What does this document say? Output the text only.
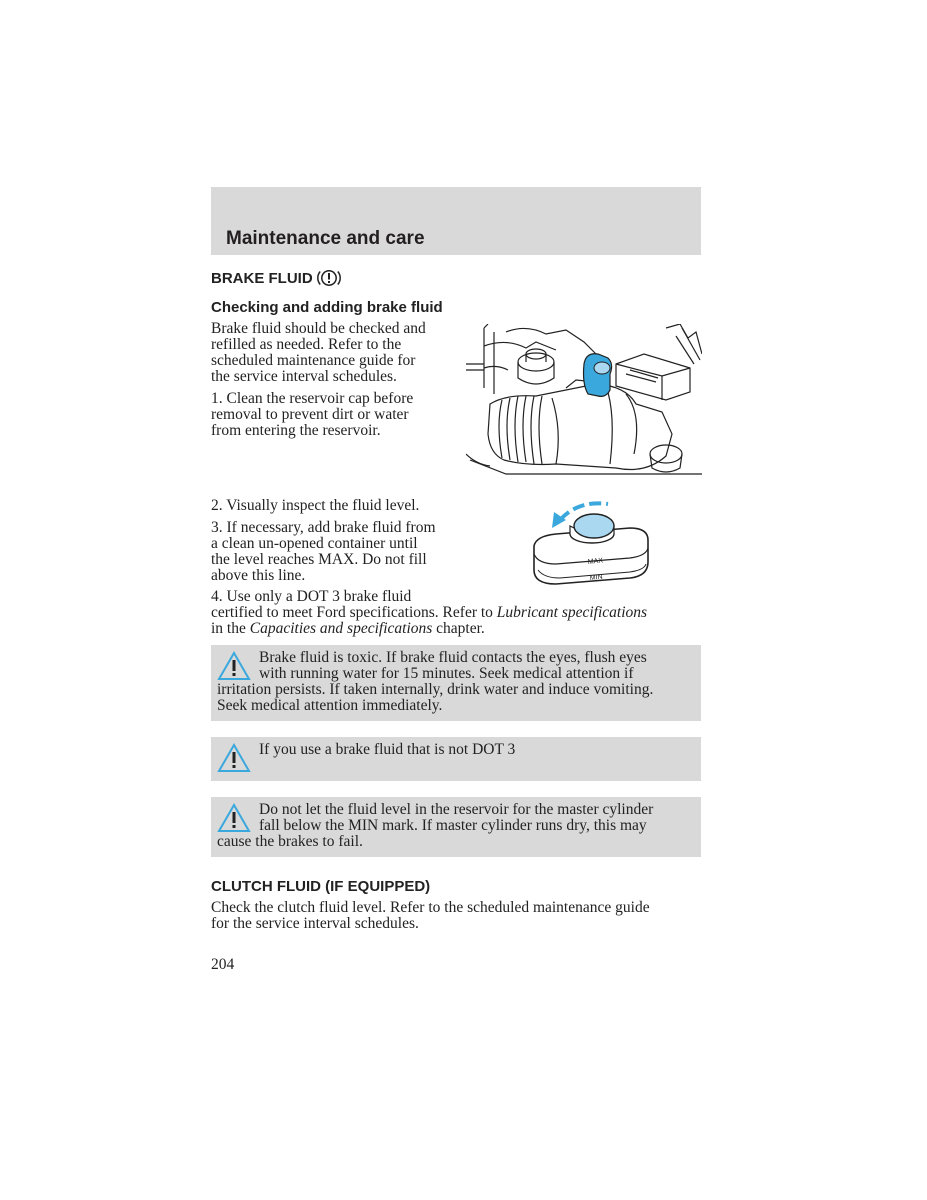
Maintenance and care
BRAKE FLUID
Checking and adding brake fluid
Brake fluid should be checked and
refilled as needed. Refer to the
scheduled maintenance guide for
the service interval schedules.
1. Clean the reservoir cap before
removal to prevent dirt or water
from entering the reservoir.
2. Visually inspect the fluid level.
3. If necessary, add brake fluid from
a clean un-opened container until
the level reaches MAX. Do not fill
above this line.
MAX
MIN
4. Use only a DOT 3 brake fluid
certified to meet Ford specifications. Refer to Lubricant specifications
in the Capacities and specifications chapter.
Brake fluid is toxic. If brake fluid contacts the eyes, flush eyes
with running water for 15 minutes. Seek medical attention if
irritation persists. If taken internally, drink water and induce vomiting.
Seek medical attention immediately.
If you use a brake fluid that is not DOT 3
Do not let the fluid level in the reservoir for the master cylinder
fall below the MIN mark. If master cylinder runs dry, this may
cause the brakes to fail.
CLUTCH FLUID (IF EQUIPPED)
Check the clutch fluid level. Refer to the scheduled maintenance guide
for the service interval schedules.
204
